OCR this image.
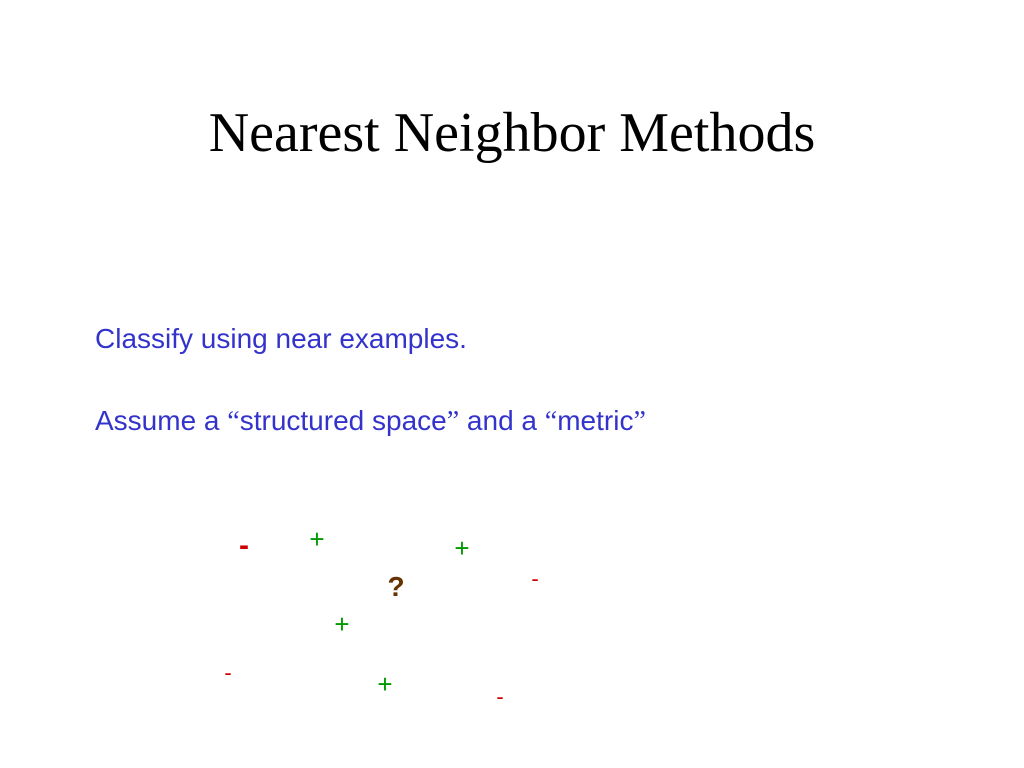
Nearest Neighbor Methods
Classify using near examples.
Assume a “structured space” and a “metric”
- +	+
-
?
+
-	+	-
